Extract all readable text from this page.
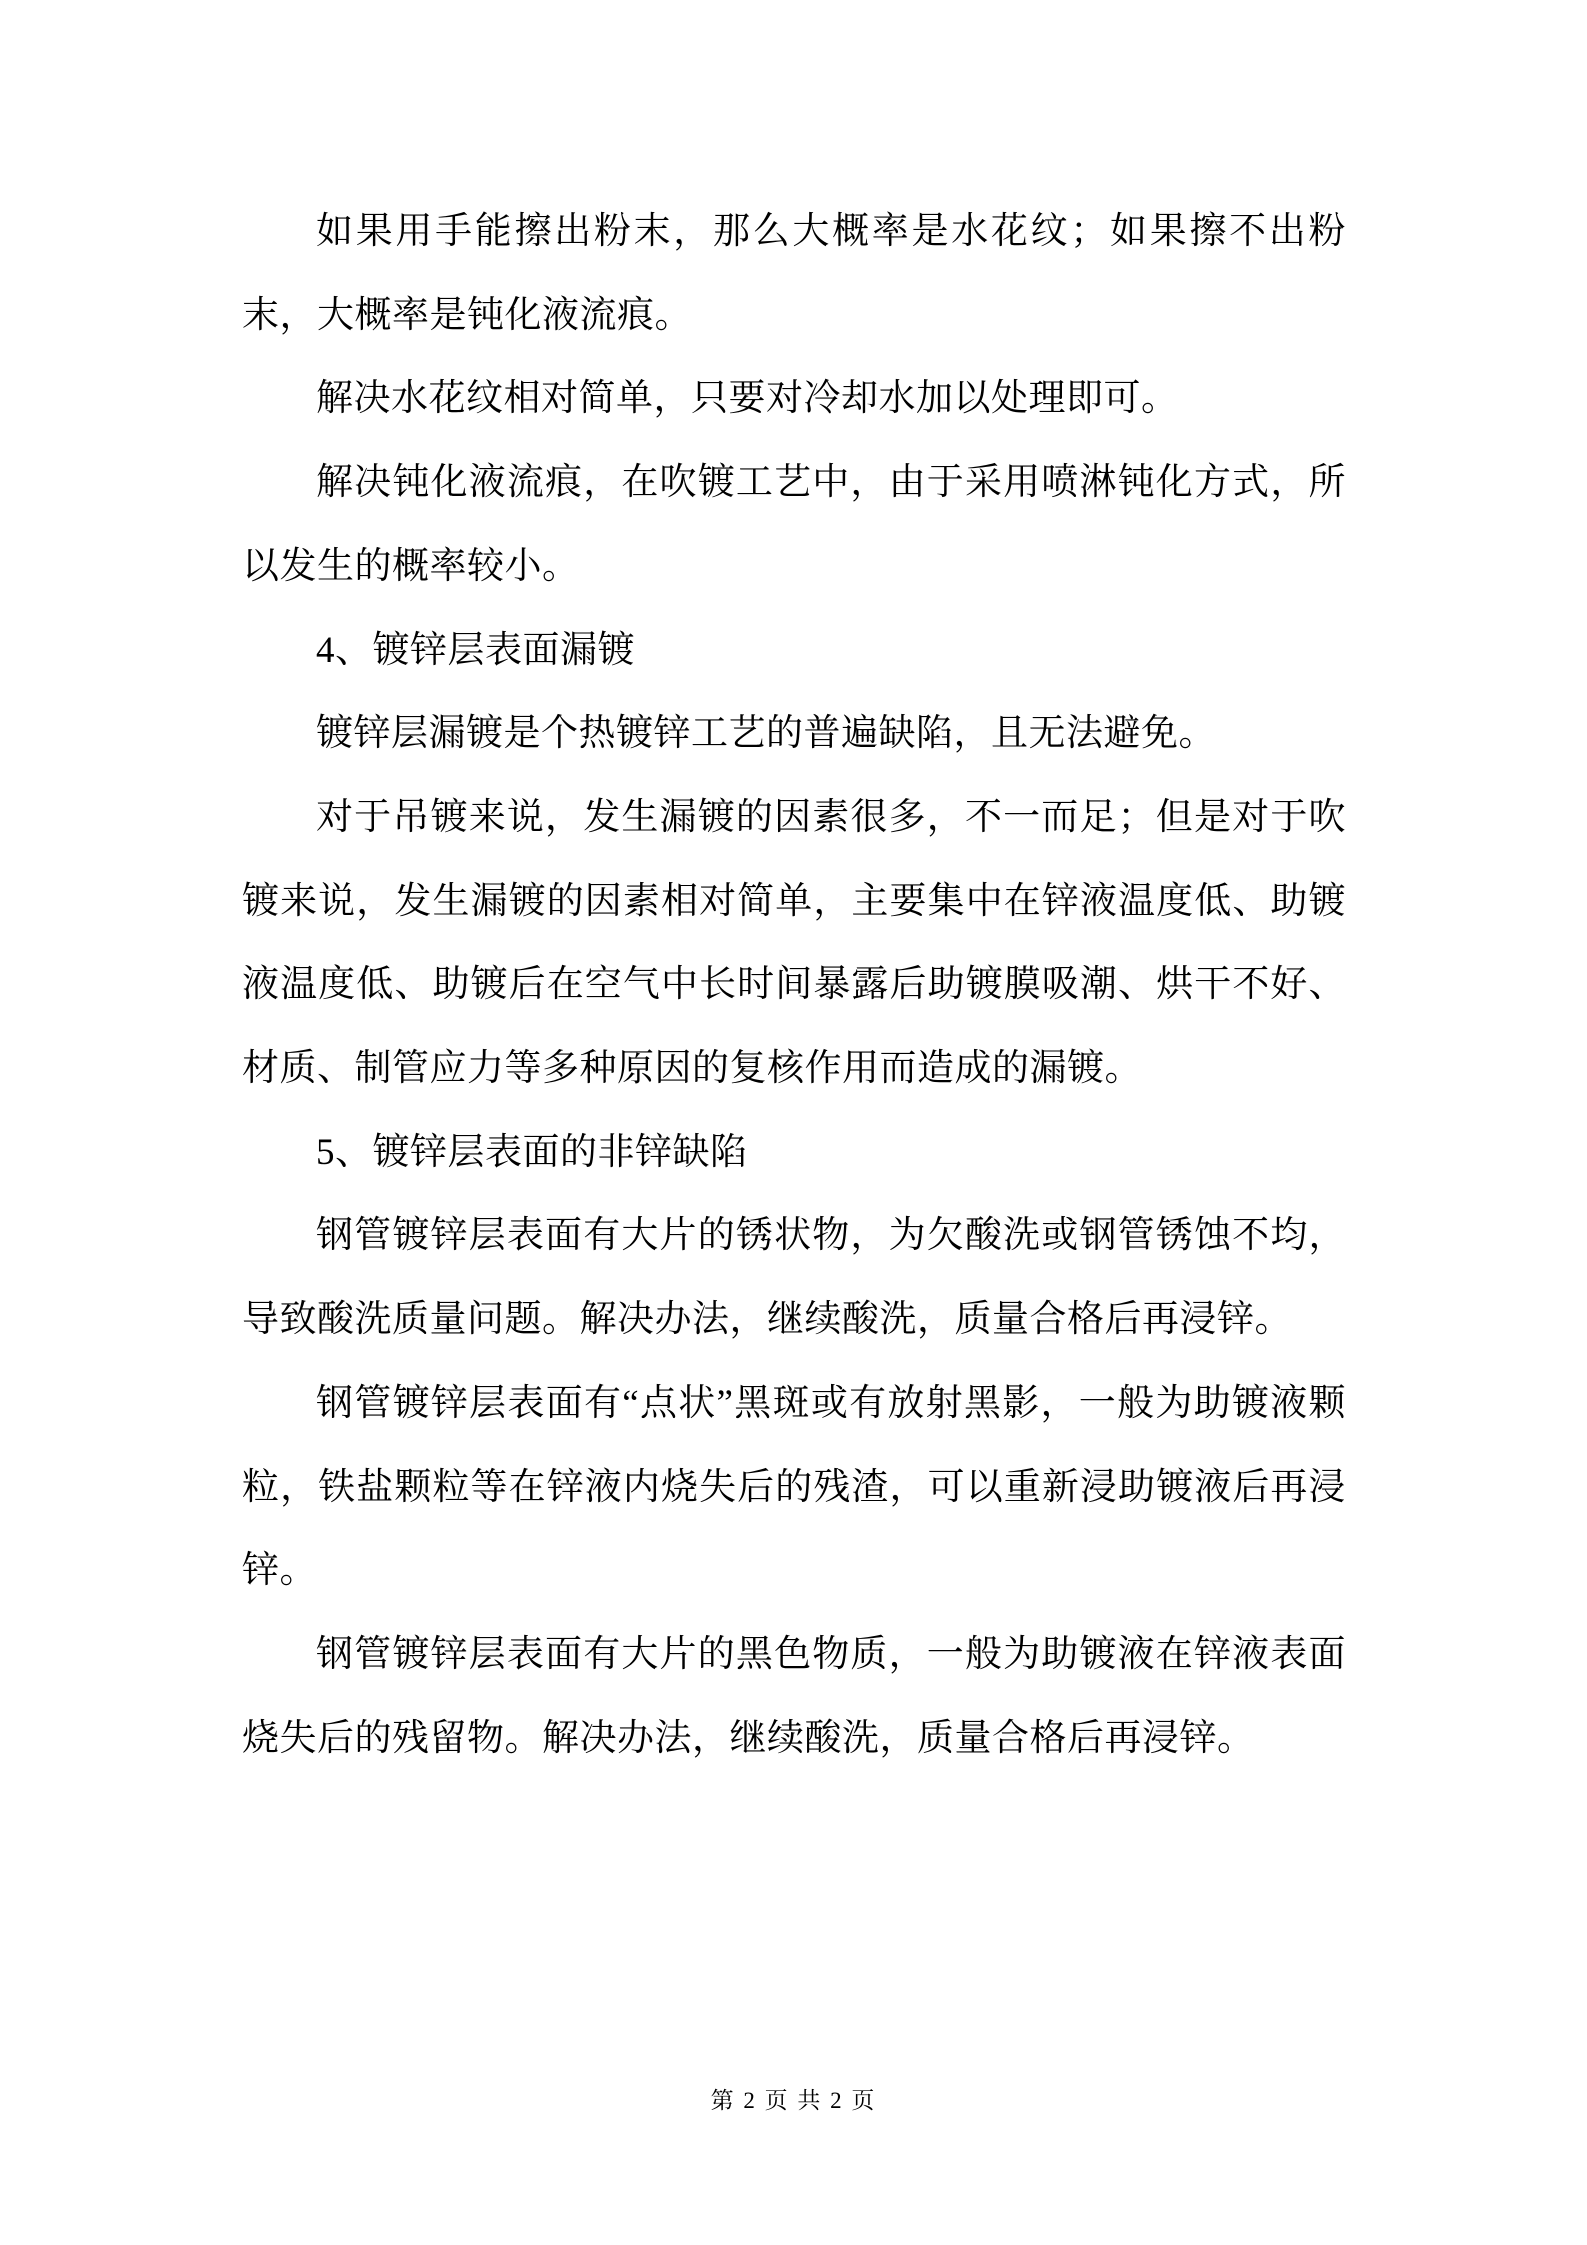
如果用手能擦出粉末，那么大概率是水花纹；如果擦不出粉末，大概率是钝化液流痕。

解决水花纹相对简单，只要对冷却水加以处理即可。

解决钝化液流痕，在吹镀工艺中，由于采用喷淋钝化方式，所以发生的概率较小。

4、镀锌层表面漏镀

镀锌层漏镀是个热镀锌工艺的普遍缺陷，且无法避免。

对于吊镀来说，发生漏镀的因素很多，不一而足；但是对于吹镀来说，发生漏镀的因素相对简单，主要集中在锌液温度低、助镀液温度低、助镀后在空气中长时间暴露后助镀膜吸潮、烘干不好、材质、制管应力等多种原因的复核作用而造成的漏镀。

5、镀锌层表面的非锌缺陷

钢管镀锌层表面有大片的锈状物，为欠酸洗或钢管锈蚀不均，导致酸洗质量问题。解决办法，继续酸洗，质量合格后再浸锌。

钢管镀锌层表面有“点状”黑斑或有放射黑影，一般为助镀液颗粒，铁盐颗粒等在锌液内烧失后的残渣，可以重新浸助镀液后再浸锌。

钢管镀锌层表面有大片的黑色物质，一般为助镀液在锌液表面烧失后的残留物。解决办法，继续酸洗，质量合格后再浸锌。

第 2 页 共 2 页
